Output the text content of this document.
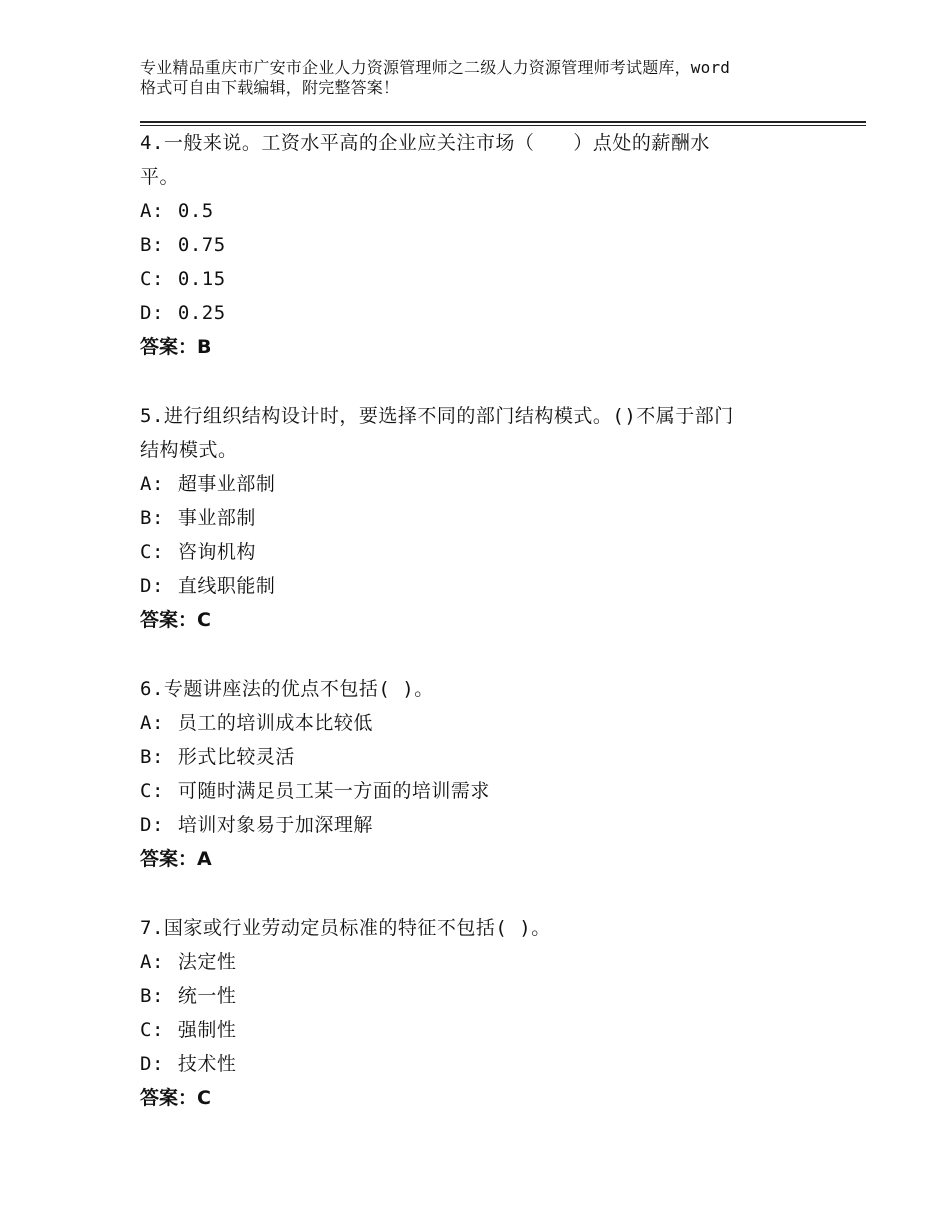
专业精品重庆市广安市企业人力资源管理师之二级人力资源管理师考试题库，word
格式可自由下载编辑，附完整答案！
4.一般来说。工资水平高的企业应关注市场（　　）点处的薪酬水
平。
A: 0.5
B: 0.75
C: 0.15
D: 0.25
答案：B
5.进行组织结构设计时，要选择不同的部门结构模式。()不属于部门
结构模式。
A: 超事业部制
B: 事业部制
C: 咨询机构
D: 直线职能制
答案：C
6.专题讲座法的优点不包括( )。
A: 员工的培训成本比较低
B: 形式比较灵活
C: 可随时满足员工某一方面的培训需求
D: 培训对象易于加深理解
答案：A
7.国家或行业劳动定员标准的特征不包括( )。
A: 法定性
B: 统一性
C: 强制性
D: 技术性
答案：C
